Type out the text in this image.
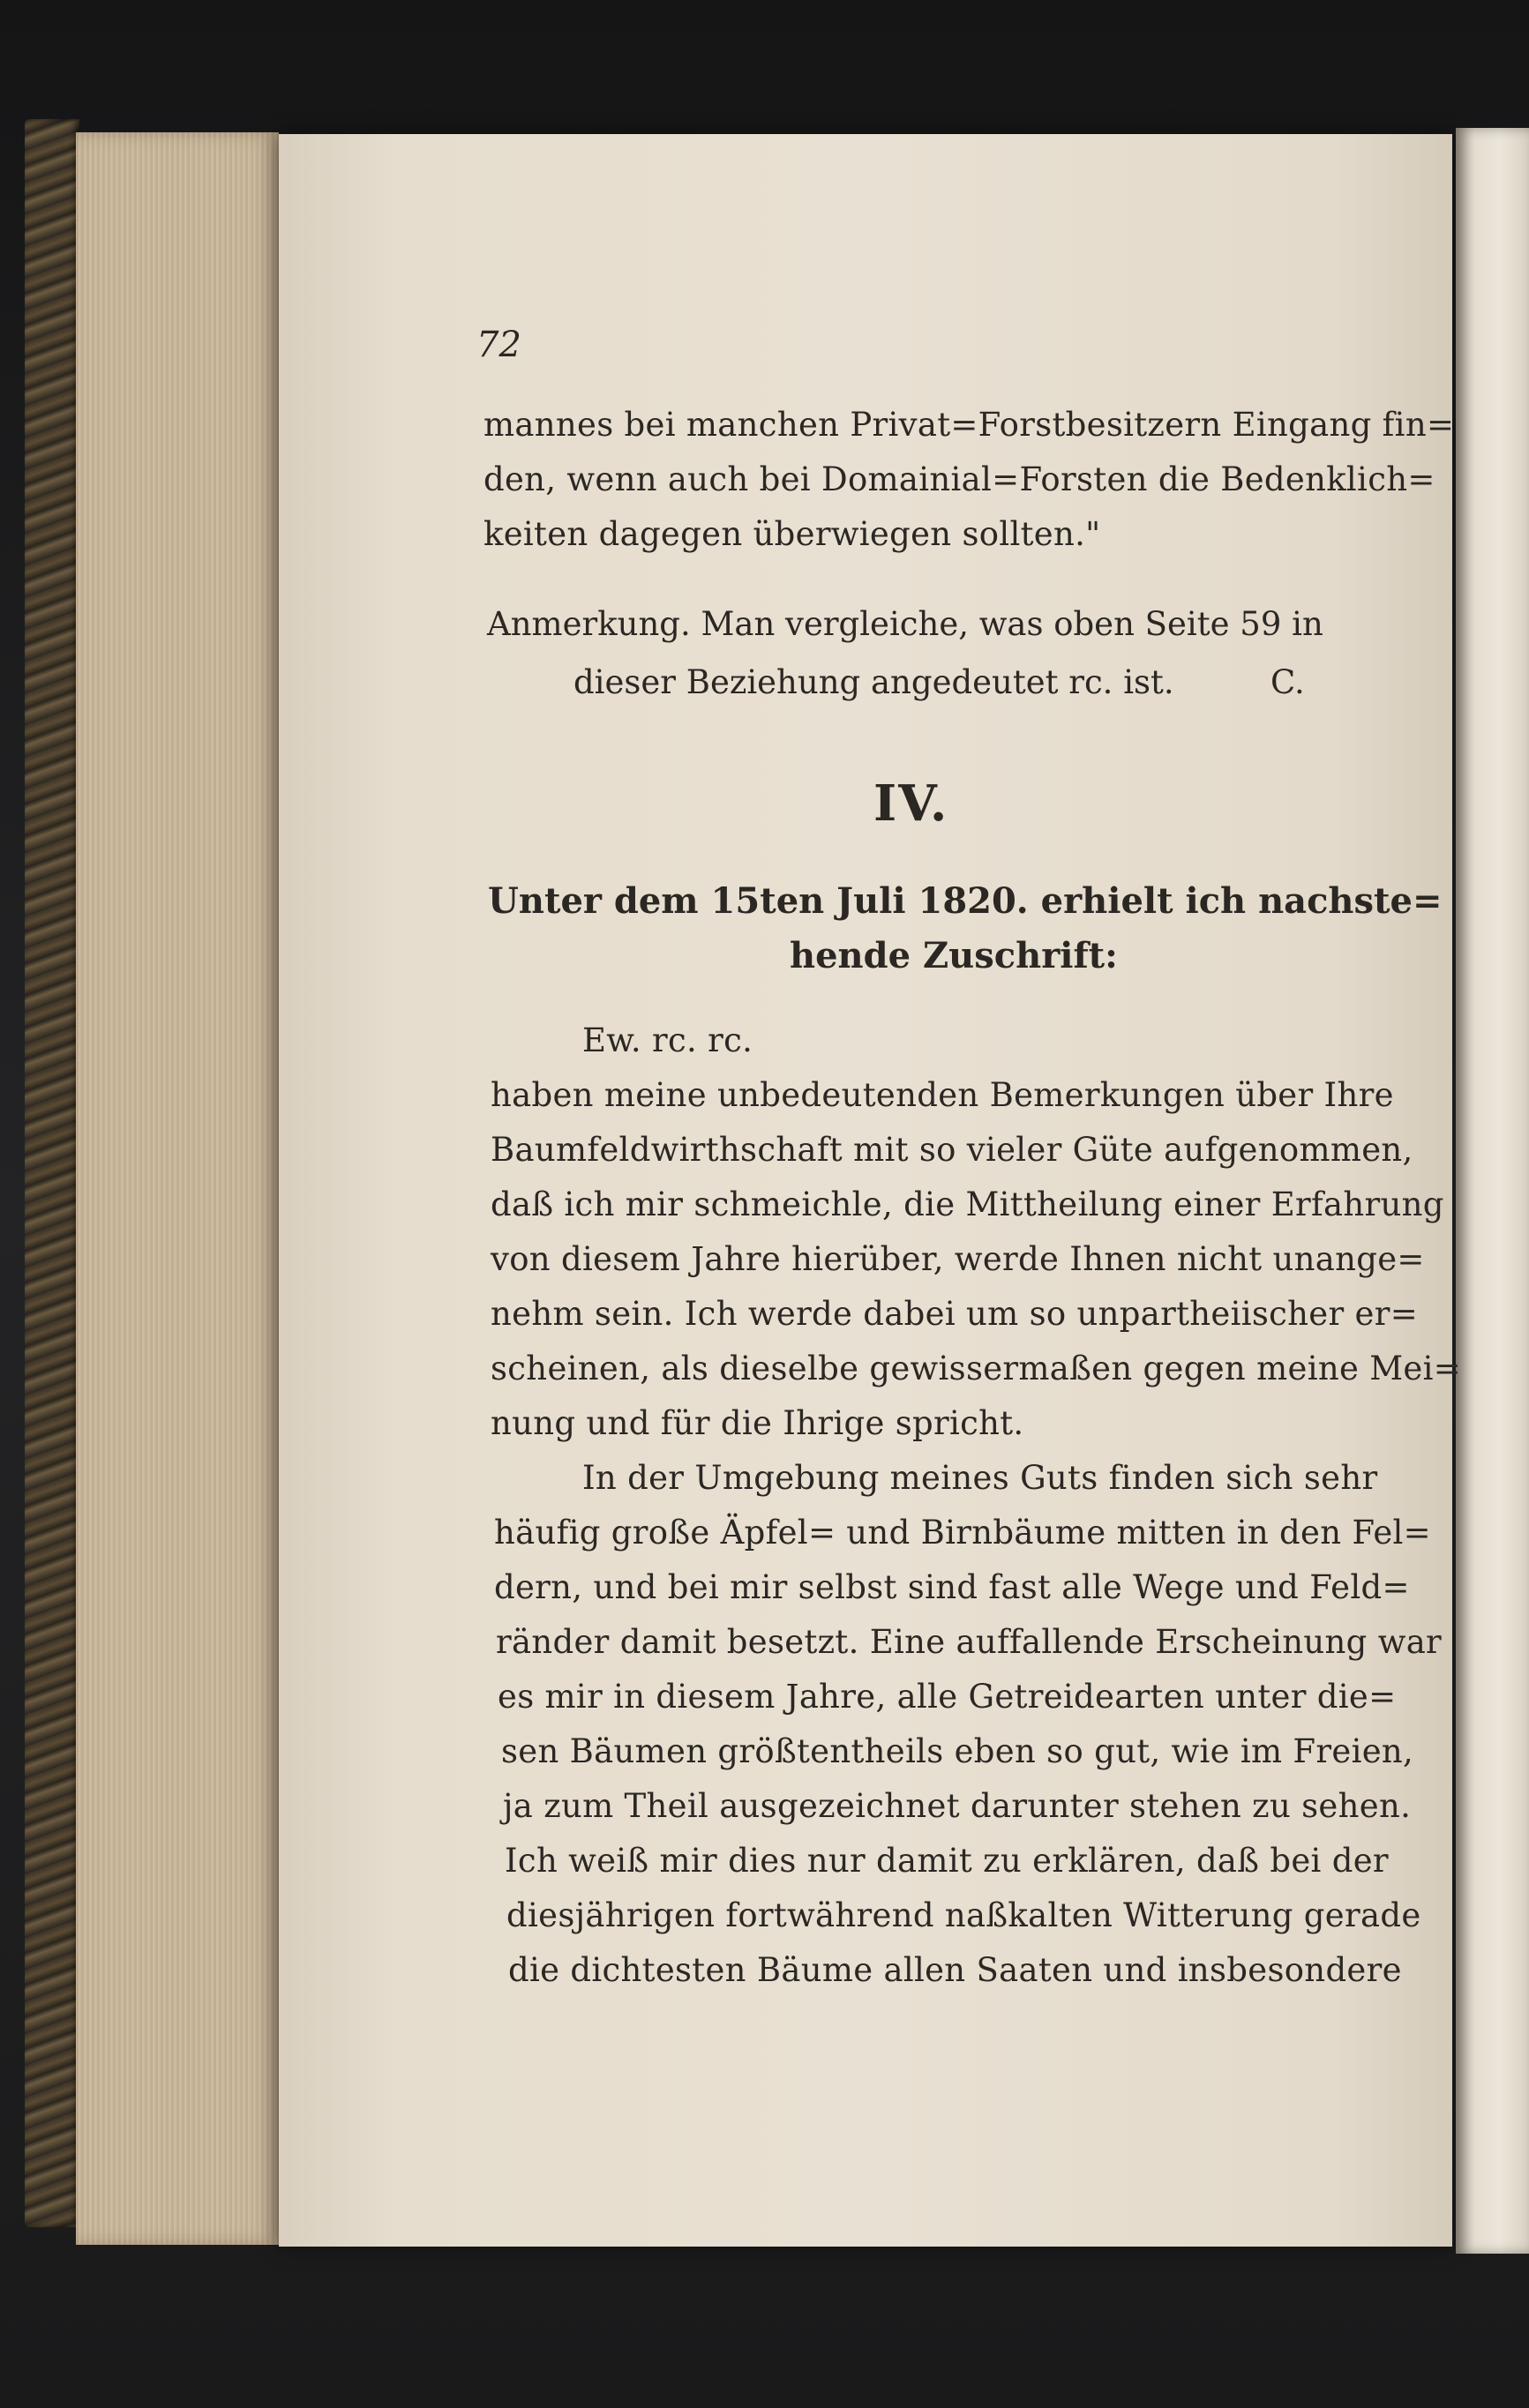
72
mannes bei manchen Privat=Forstbesitzern Eingang fin=
den, wenn auch bei Domainial=Forsten die Bedenklich=
keiten dagegen überwiegen sollten."
Anmerkung. Man vergleiche, was oben Seite 59 in
dieser Beziehung angedeutet rc. ist.	C.
IV.
Unter dem 15ten Juli 1820. erhielt ich nachste=
hende Zuschrift:
Ew. rc. rc.
haben meine unbedeutenden Bemerkungen über Ihre
Baumfeldwirthschaft mit so vieler Güte aufgenommen,
daß ich mir schmeichle, die Mittheilung einer Erfahrung
von diesem Jahre hierüber, werde Ihnen nicht unange=
nehm sein. Ich werde dabei um so unpartheiischer er=
scheinen, als dieselbe gewissermaßen gegen meine Mei=
nung und für die Ihrige spricht.
In der Umgebung meines Guts finden sich sehr
häufig große Äpfel= und Birnbäume mitten in den Fel=
dern, und bei mir selbst sind fast alle Wege und Feld=
ränder damit besetzt. Eine auffallende Erscheinung war
es mir in diesem Jahre, alle Getreidearten unter die=
sen Bäumen größtentheils eben so gut, wie im Freien,
ja zum Theil ausgezeichnet darunter stehen zu sehen.
Ich weiß mir dies nur damit zu erklären, daß bei der
diesjährigen fortwährend naßkalten Witterung gerade
die dichtesten Bäume allen Saaten und insbesondere
